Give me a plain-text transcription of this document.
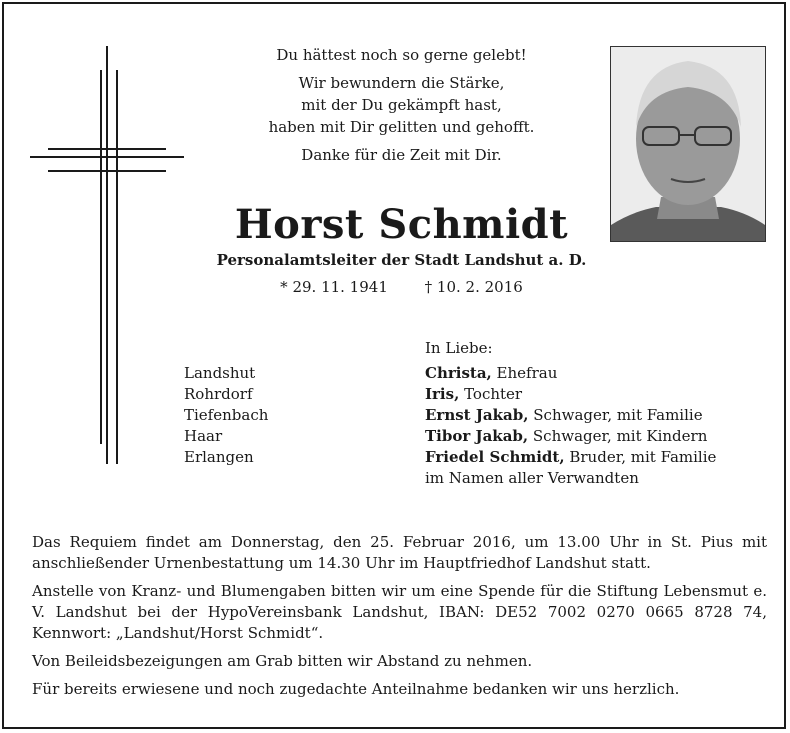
Du hättest noch so gerne gelebt!
Wir bewundern die Stärke,
mit der Du gekämpft hast,
haben mit Dir gelitten und gehofft.
Danke für die Zeit mit Dir.
Horst Schmidt
Personalamtsleiter der Stadt Landshut a. D.
* 29. 11. 1941 † 10. 2. 2016
Landshut
Rohrdorf
Tiefenbach
Haar
Erlangen
In Liebe:
Christa, Ehefrau
Iris, Tochter
Ernst Jakab, Schwager, mit Familie
Tibor Jakab, Schwager, mit Kindern
Friedel Schmidt, Bruder, mit Familie
im Namen aller Verwandten

Das Requiem findet am Donnerstag, den 25. Februar 2016, um 13.00 Uhr in St. Pius mit anschließender Urnenbestattung um 14.30 Uhr im Hauptfriedhof Landshut statt.

Anstelle von Kranz- und Blumengaben bitten wir um eine Spende für die Stiftung Lebensmut e. V. Landshut bei der HypoVereinsbank Landshut, IBAN: DE52 7002 0270 0665 8728 74, Kennwort: „Landshut/Horst Schmidt“.

Von Beileidsbezeigungen am Grab bitten wir Abstand zu nehmen.

Für bereits erwiesene und noch zugedachte Anteilnahme bedanken wir uns herzlich.
